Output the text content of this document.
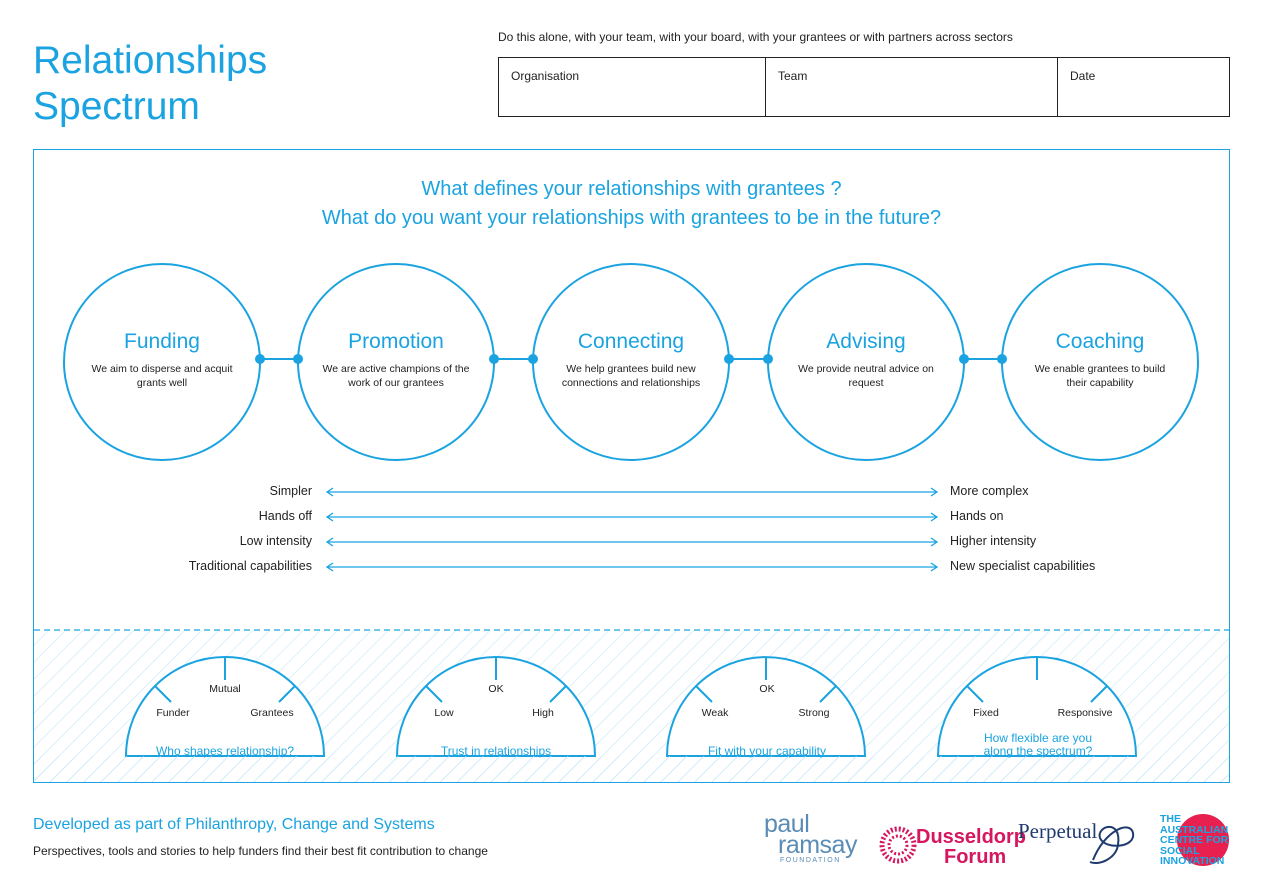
Relationships
Spectrum
Do this alone, with your team, with your board, with your grantees or with partners across sectors
Organisation	Team	Date
What defines your relationships with grantees ?
What do you want your relationships with grantees to be in the future?
Funding
We aim to disperse and acquit grants well
Promotion
We are active champions of the work of our grantees
Connecting
We help grantees build new connections and relationships
Advising
We provide neutral advice on request
Coaching
We enable grantees to build their capability
Simpler	More complex
Hands off	Hands on
Low intensity	Higher intensity
Traditional capabilities	New specialist capabilities
Mutual
Funder	Grantees
Who shapes relationship?
OK
Low	High
Trust in relationships
OK
Weak	Strong
Fit with your capability
Fixed	Responsive
How flexible are you
along the spectrum?
Developed as part of Philanthropy, Change and Systems
Perspectives, tools and stories to help funders find their best fit contribution to change
paul
ramsay
FOUNDATION
Dusseldorp
Forum
Perpetual	THE
AUSTRALIAN
CENTRE FOR
SOCIAL
INNOVATION
